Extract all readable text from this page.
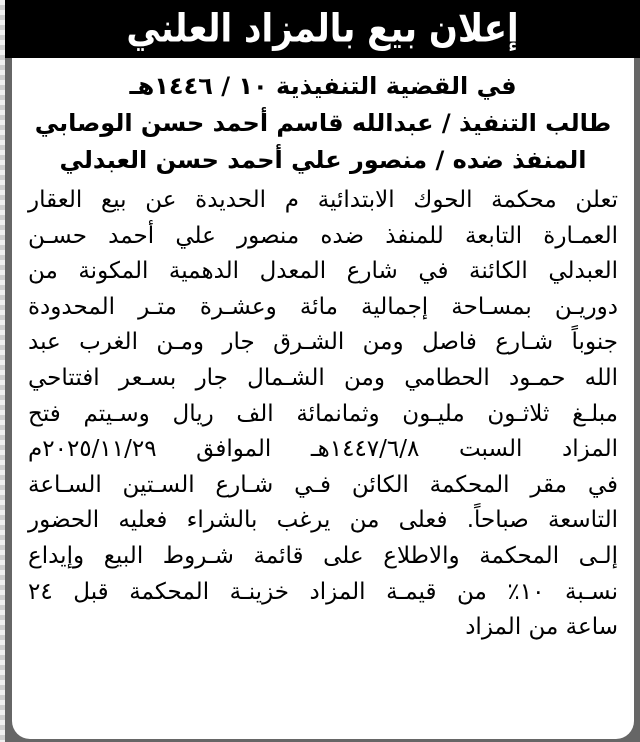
إعلان بيع بالمزاد العلني

في القضية التنفيذية ١٠ / ١٤٤٦هـ

طالب التنفيذ / عبدالله قاسم أحمد حسن الوصابي

المنفذ ضده / منصور علي أحمد حسن العبدلي

تعلن محكمة الحوك الابتدائية م الحديدة عن بيع العقار
العمـارة التابعة للمنفذ ضده منصور علي أحمد حسـن
العبدلي الكائنة في شارع المعدل الدهمية المكونة من
دوريـن بمسـاحة إجمالية مائة وعشـرة متـر المحدودة
جنوباً شـارع فاصل ومن الشـرق جار ومـن الغرب عبد
الله حمـود الحطامي ومن الشـمال جار بسـعر افتتاحي
مبلـغ ثلاثـون مليـون وثمانمائة الف ريال وسـيتم فتح
المزاد السبت ١٤٤٧/٦/٨هـ الموافق ٢٠٢٥/١١/٢٩م
في مقر المحكمة الكائن فـي شـارع السـتين السـاعة
التاسعة صباحاً. فعلى من يرغب بالشراء فعليه الحضور
إلـى المحكمة والاطلاع على قائمة شـروط البيع وإيداع
نسـبة ١٠٪ من قيمـة المزاد خزينـة المحكمة قبل ٢٤
ساعة من المزاد
